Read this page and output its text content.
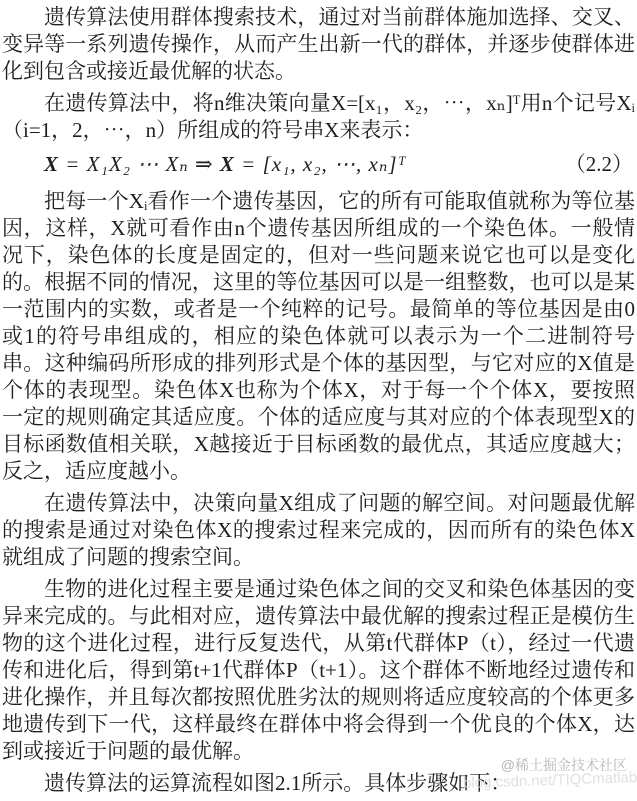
遗传算法使用群体搜索技术，通过对当前群体施加选择、交叉、变异等一系列遗传操作，从而产生出新一代的群体，并逐步使群体进化到包含或接近最优解的状态。

在遗传算法中，将n维决策向量X=[x₁，x₂，⋯，xₙ]ᵀ用n个记号Xᵢ（i=1，2，⋯，n）所组成的符号串X来表示：

X = X₁X₂ ⋯ Xₙ ⇒ X = [x₁, x₂, ⋯, xₙ]ᵀ	（2.2）

把每一个Xᵢ看作一个遗传基因，它的所有可能取值就称为等位基因，这样，X就可看作由n个遗传基因所组成的一个染色体。一般情况下，染色体的长度是固定的，但对一些问题来说它也可以是变化的。根据不同的情况，这里的等位基因可以是一组整数，也可以是某一范围内的实数，或者是一个纯粹的记号。最简单的等位基因是由0或1的符号串组成的，相应的染色体就可以表示为一个二进制符号串。这种编码所形成的排列形式是个体的基因型，与它对应的X值是个体的表现型。染色体X也称为个体X，对于每一个个体X，要按照一定的规则确定其适应度。个体的适应度与其对应的个体表现型X的目标函数值相关联，X越接近于目标函数的最优点，其适应度越大；反之，适应度越小。

在遗传算法中，决策向量X组成了问题的解空间。对问题最优解的搜索是通过对染色体X的搜索过程来完成的，因而所有的染色体X就组成了问题的搜索空间。

生物的进化过程主要是通过染色体之间的交叉和染色体基因的变异来完成的。与此相对应，遗传算法中最优解的搜索过程正是模仿生物的这个进化过程，进行反复迭代，从第t代群体P（t），经过一代遗传和进化后，得到第t+1代群体P（t+1）。这个群体不断地经过遗传和进化操作，并且每次都按照优胜劣汰的规则将适应度较高的个体更多地遗传到下一代，这样最终在群体中将会得到一个优良的个体X，达到或接近于问题的最优解。

遗传算法的运算流程如图2.1所示。具体步骤如下：

blog.csdn.net/TIQCmatlab
@稀土掘金技术社区
